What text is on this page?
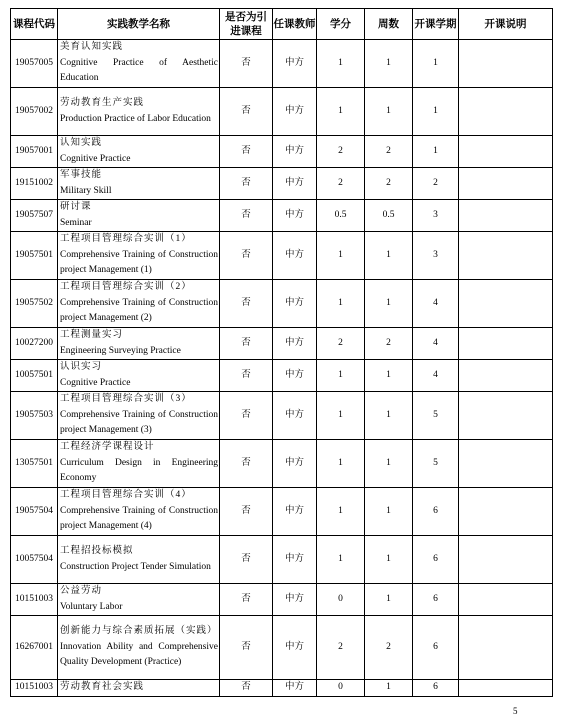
课程代码	实践教学名称	是否为引进课程	任课教师	学分	周数	开课学期	开课说明
19057005	美育认知实践
Cognitive Practice of Aesthetic Education	否	中方	1	1	1	
19057002	劳动教育生产实践
Production Practice of Labor Education	否	中方	1	1	1	
19057001	认知实践
Cognitive Practice	否	中方	2	2	1	
19151002	军事技能
Military Skill	否	中方	2	2	2	
19057507	研讨课
Seminar	否	中方	0.5	0.5	3	
19057501	工程项目管理综合实训（1）
Comprehensive Training of Construction project Management (1)	否	中方	1	1	3	
19057502	工程项目管理综合实训（2）
Comprehensive Training of Construction project Management (2)	否	中方	1	1	4	
10027200	工程测量实习
Engineering Surveying Practice	否	中方	2	2	4	
10057501	认识实习
Cognitive Practice	否	中方	1	1	4	
19057503	工程项目管理综合实训（3）
Comprehensive Training of Construction project Management (3)	否	中方	1	1	5	
13057501	工程经济学课程设计
Curriculum Design in Engineering Economy	否	中方	1	1	5	
19057504	工程项目管理综合实训（4）
Comprehensive Training of Construction project Management (4)	否	中方	1	1	6	
10057504	工程招投标模拟
Construction Project Tender Simulation	否	中方	1	1	6	
10151003	公益劳动
Voluntary Labor	否	中方	0	1	6	
16267001	创新能力与综合素质拓展（实践）
Innovation Ability and Comprehensive Quality Development (Practice)	否	中方	2	2	6	
10151003	劳动教育社会实践	否	中方	0	1	6	
5
